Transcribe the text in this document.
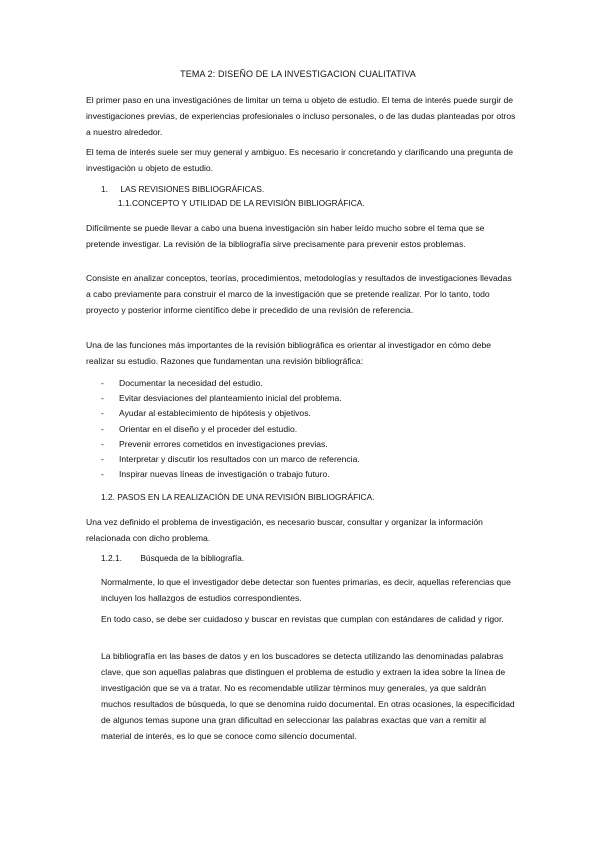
TEMA 2: DISEÑO DE LA INVESTIGACION CUALITATIVA

El primer paso en una investigaciónes de limitar un tema u objeto de estudio. El tema de interés puede surgir de investigaciones previas, de experiencias profesionales o incluso personales, o de las dudas planteadas por otros a nuestro alrededor.

El tema de interés suele ser muy general y ambiguo. Es necesario ir concretando y clarificando una pregunta de investigación u objeto de estudio.

1. LAS REVISIONES BIBLIOGRÁFICAS.
1.1.CONCEPTO Y UTILIDAD DE LA REVISIÓN BIBLIOGRÁFICA.

Difícilmente se puede llevar a cabo una buena investigación sin haber leído mucho sobre el tema que se pretende investigar. La revisión de la bibliografía sirve precisamente para prevenir estos problemas.

Consiste en analizar conceptos, teorías, procedimientos, metodologías y resultados de investigaciones llevadas a cabo previamente para construir el marco de la investigación que se pretende realizar. Por lo tanto, todo proyecto y posterior informe científico debe ir precedido de una revisión de referencia.

Una de las funciones más importantes de la revisión bibliográfica es orientar al investigador en cómo debe realizar su estudio. Razones que fundamentan una revisión bibliográfica:

- Documentar la necesidad del estudio.
- Evitar desviaciones del planteamiento inicial del problema.
- Ayudar al establecimiento de hipótesis y objetivos.
- Orientar en el diseño y el proceder del estudio.
- Prevenir errores cometidos en investigaciones previas.
- Interpretar y discutir los resultados con un marco de referencia.
- Inspirar nuevas líneas de investigación o trabajo futuro.
1.2. PASOS EN LA REALIZACIÓN DE UNA REVISIÓN BIBLIOGRÁFICA.

Una vez definido el problema de investigación, es necesario buscar, consultar y organizar la información relacionada con dicho problema.

1.2.1. Búsqueda de la bibliografía.

Normalmente, lo que el investigador debe detectar son fuentes primarias, es decir, aquellas referencias que incluyen los hallazgos de estudios correspondientes.

En todo caso, se debe ser cuidadoso y buscar en revistas que cumplan con estándares de calidad y rigor.

La bibliografía en las bases de datos y en los buscadores se detecta utilizando las denominadas palabras clave, que son aquellas palabras que distinguen el problema de estudio y extraen la idea sobre la línea de investigación que se va a tratar. No es recomendable utilizar términos muy generales, ya que saldrán muchos resultados de búsqueda, lo que se denomina ruido documental. En otras ocasiones, la especificidad de algunos temas supone una gran dificultad en seleccionar las palabras exactas que van a remitir al material de interés, es lo que se conoce como silencio documental.
